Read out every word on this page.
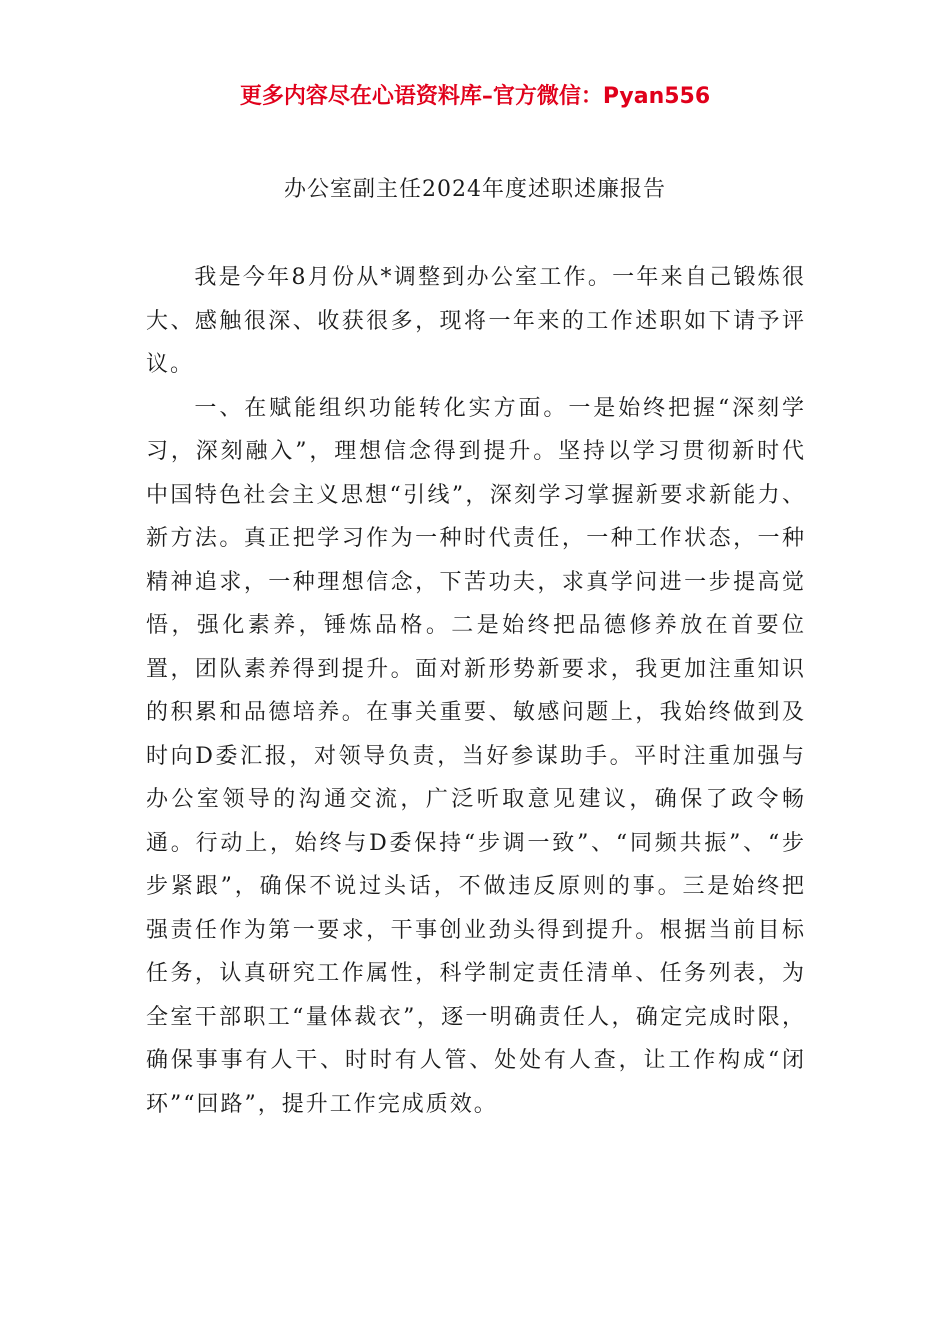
更多内容尽在心语资料库–官方微信：Pyan556
办公室副主任2024年度述职述廉报告

我是今年8月份从*调整到办公室工作。一年来自己锻炼很大、感触很深、收获很多，现将一年来的工作述职如下请予评议。

一、在赋能组织功能转化实方面。一是始终把握“深刻学习，深刻融入”，理想信念得到提升。坚持以学习贯彻新时代中国特色社会主义思想“引线”，深刻学习掌握新要求新能力、新方法。真正把学习作为一种时代责任，一种工作状态，一种精神追求，一种理想信念，下苦功夫，求真学问进一步提高觉悟，强化素养，锤炼品格。二是始终把品德修养放在首要位置，团队素养得到提升。面对新形势新要求，我更加注重知识的积累和品德培养。在事关重要、敏感问题上，我始终做到及时向D委汇报，对领导负责，当好参谋助手。平时注重加强与办公室领导的沟通交流，广泛听取意见建议，确保了政令畅通。行动上，始终与D委保持“步调一致”、“同频共振”、“步步紧跟”，确保不说过头话，不做违反原则的事。三是始终把强责任作为第一要求，干事创业劲头得到提升。根据当前目标任务，认真研究工作属性，科学制定责任清单、任务列表，为全室干部职工“量体裁衣”，逐一明确责任人，确定完成时限，确保事事有人干、时时有人管、处处有人查，让工作构成“闭环”“回路”，提升工作完成质效。
